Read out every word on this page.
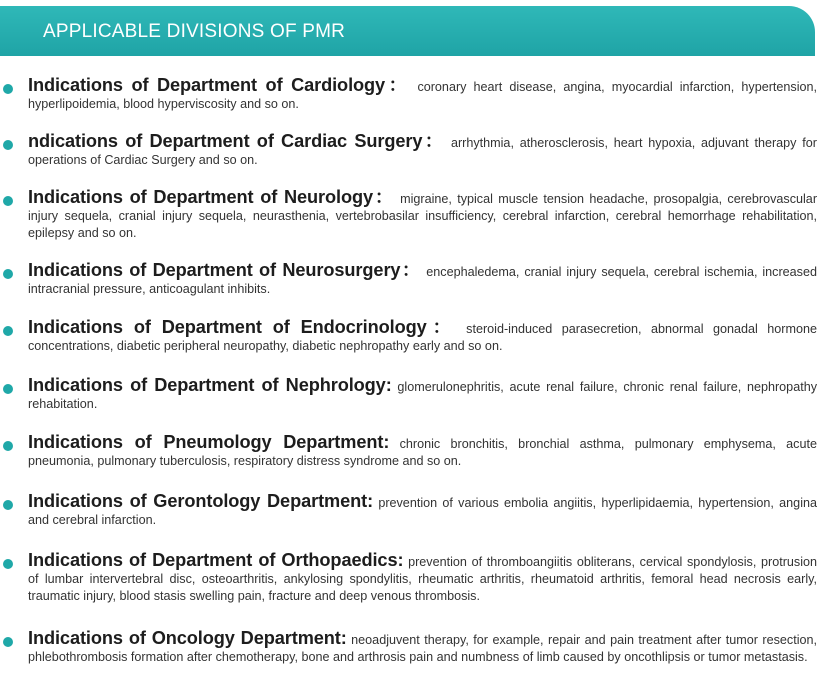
APPLICABLE DIVISIONS OF PMR
Indications of Department of Cardiology： coronary heart disease, angina, myocardial infarction, hypertension, hyperlipoidemia, blood hyperviscosity and so on.
ndications of Department of Cardiac Surgery： arrhythmia, atherosclerosis, heart hypoxia, adjuvant therapy for operations of Cardiac Surgery and so on.
Indications of Department of Neurology： migraine, typical muscle tension headache, prosopalgia, cerebrovascular injury sequela, cranial injury sequela, neurasthenia, vertebrobasilar insufficiency, cerebral infarction, cerebral hemorrhage rehabilitation, epilepsy and so on.
Indications of Department of Neurosurgery： encephaledema, cranial injury sequela, cerebral ischemia, increased intracranial pressure, anticoagulant inhibits.
Indications of Department of Endocrinology： steroid-induced parasecretion, abnormal gonadal hormone concentrations, diabetic peripheral neuropathy, diabetic nephropathy early and so on.
Indications of Department of Nephrology: glomerulonephritis, acute renal failure, chronic renal failure, nephropathy rehabitation.
Indications of Pneumology Department: chronic bronchitis, bronchial asthma, pulmonary emphysema, acute pneumonia, pulmonary tuberculosis, respiratory distress syndrome and so on.
Indications of Gerontology Department: prevention of various embolia angiitis, hyperlipidaemia, hypertension, angina and cerebral infarction.
Indications of Department of Orthopaedics: prevention of thromboangiitis obliterans, cervical spondylosis, protrusion of lumbar intervertebral disc, osteoarthritis, ankylosing spondylitis, rheumatic arthritis, rheumatoid arthritis, femoral head necrosis early, traumatic injury, blood stasis swelling pain, fracture and deep venous thrombosis.
Indications of Oncology Department: neoadjuvent therapy, for example, repair and pain treatment after tumor resection, phlebothrombosis formation after chemotherapy, bone and arthrosis pain and numbness of limb caused by oncothlipsis or tumor metastasis.
